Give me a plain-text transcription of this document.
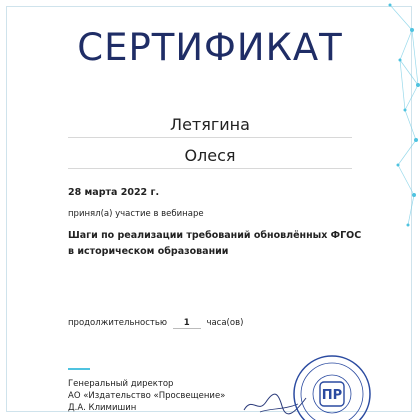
СЕРТИФИКАТ
Летягина
Олеся
28 марта 2022 г.
принял(а) участие в вебинаре
Шаги по реализации требований обновлённых ФГОС
в историческом образовании
продолжительностью 1 часа(ов)
Генеральный директор
АО «Издательство «Просвещение»
Д.А. Климишин
ПР
